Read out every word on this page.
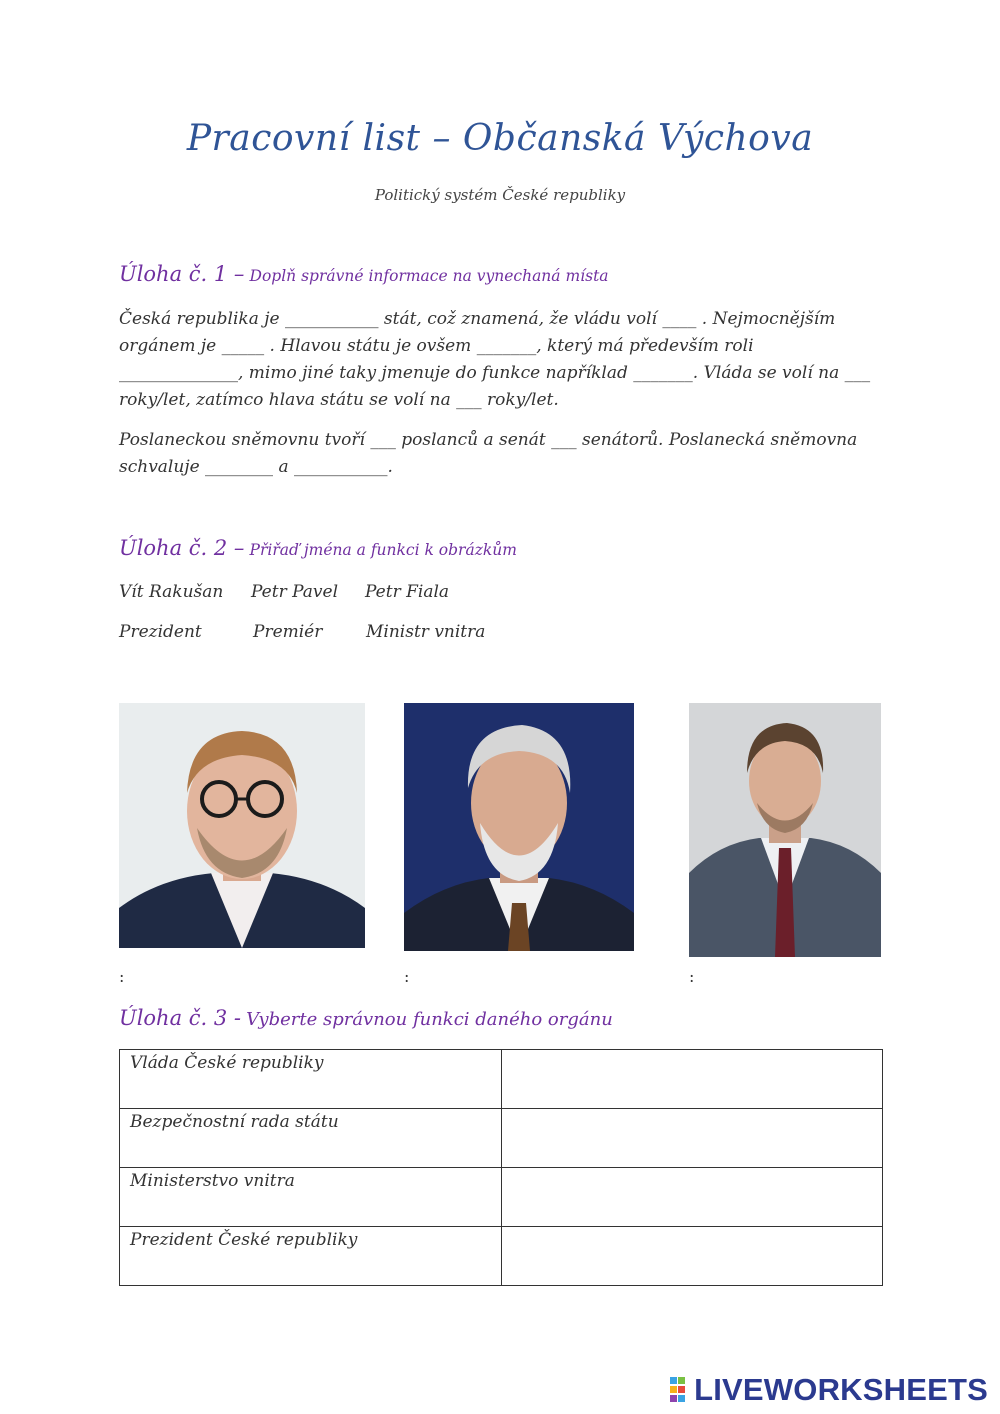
Pracovní list – Občanská Výchova
Politický systém České republiky
Úloha č. 1 – Doplň správné informace na vynechaná místa
Česká republika je ___________ stát, což znamená, že vládu volí ____ . Nejmocnějším orgánem je _____ . Hlavou státu je ovšem _______, který má především roli ______________, mimo jiné taky jmenuje do funkce například _______. Vláda se volí na ___ roky/let, zatímco hlava státu se volí na ___ roky/let.
Poslaneckou sněmovnu tvoří ___ poslanců a senát ___ senátorů. Poslanecká sněmovna schvaluje ________ a ___________.
Úloha č. 2 – Přiřaď jména a funkci k obrázkům
Vít Rakušan Petr Pavel Petr Fiala
Prezident	Premiér	Ministr vnitra
:	:	:
Úloha č. 3 - Vyberte správnou funkci daného orgánu
Vláda České republiky	
Bezpečnostní rada státu	
Ministerstvo vnitra	
Prezident České republiky	
LIVEWORKSHEETS
